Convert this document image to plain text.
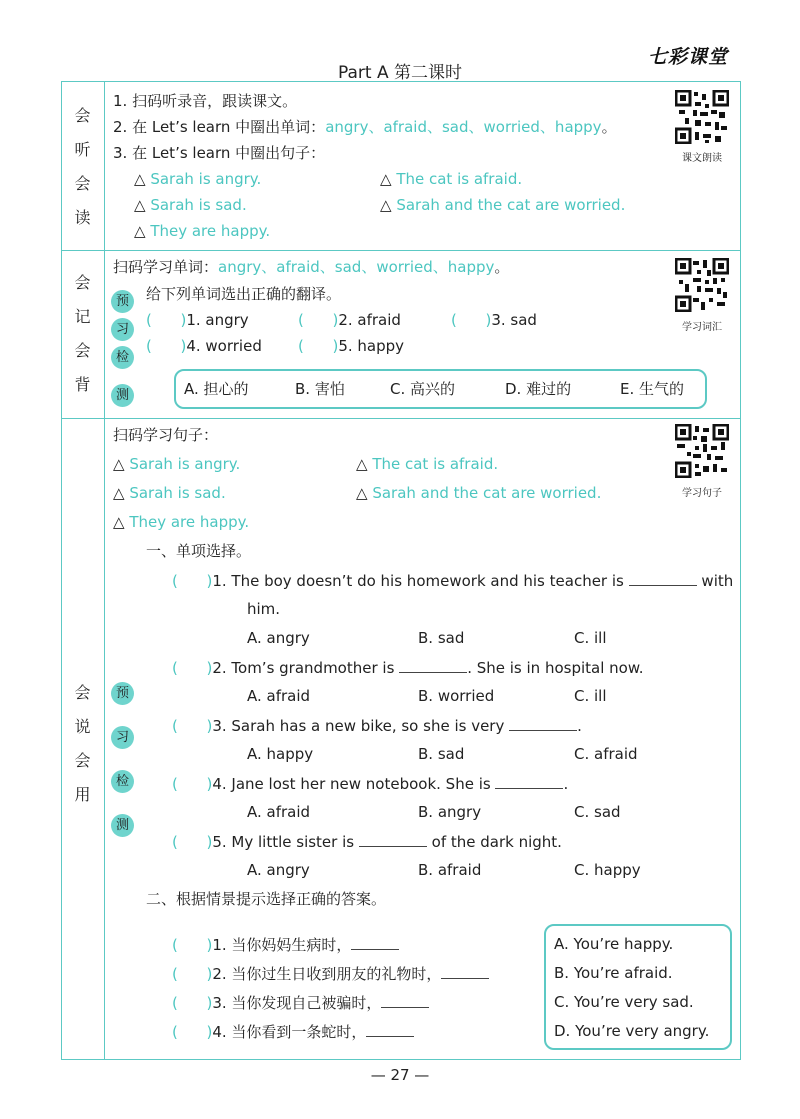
Part A 第二课时
七彩课堂
会
听
会
读
1. 扫码听录音，跟读课文。
2. 在 Let’s learn 中圈出单词：angry、afraid、sad、worried、happy。
3. 在 Let’s learn 中圈出句子：
△ Sarah is angry.	△ The cat is afraid.
△ Sarah is sad.	△ Sarah and the cat are worried.
△ They are happy.
课文朗读
会
记
会
背
预
习
检
测
扫码学习单词：angry、afraid、sad、worried、happy。
给下列单词选出正确的翻译。
(      )1. angry	(      )2. afraid	(      )3. sad
(      )4. worried (      )5. happy
A. 担心的	B. 害怕	C. 高兴的	D. 难过的	E. 生气的
学习词汇
会
说
会
用
预
习
检
测
扫码学习句子：
△ Sarah is angry.	△ The cat is afraid.
△ Sarah is sad.	△ Sarah and the cat are worried.
△ They are happy.
学习句子
一、单项选择。
(      )1. The boy doesn’t do his homework and his teacher is	with
him.
A. angry	B. sad	C. ill
(      )2. Tom’s grandmother is	. She is in hospital now.
A. afraid	B. worried	C. ill
(      )3. Sarah has a new bike, so she is very	.
A. happy	B. sad	C. afraid
(      )4. Jane lost her new notebook. She is	.
A. afraid	B. angry	C. sad
(      )5. My little sister is	of the dark night.
A. angry	B. afraid	C. happy
二、根据情景提示选择正确的答案。
(      )1. 当你妈妈生病时，
(      )2. 当你过生日收到朋友的礼物时，
(      )3. 当你发现自己被骗时，
(      )4. 当你看到一条蛇时，
A. You’re happy.
B. You’re afraid.
C. You’re very sad.
D. You’re very angry.
— 27 —
